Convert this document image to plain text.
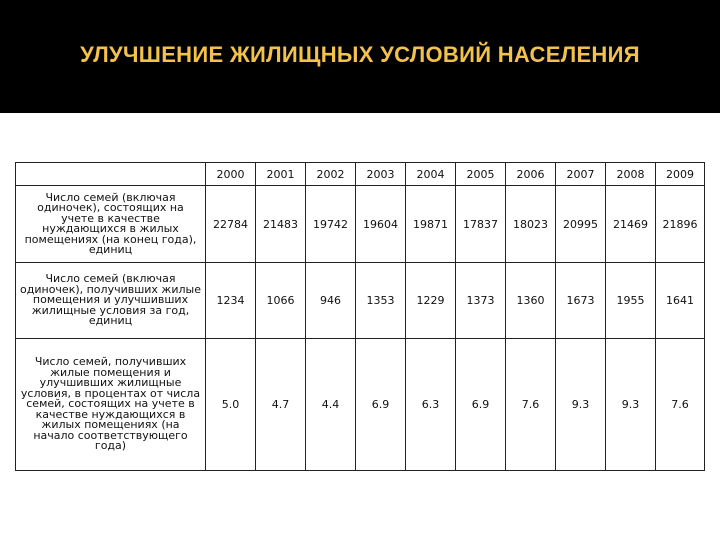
УЛУЧШЕНИЕ ЖИЛИЩНЫХ УСЛОВИЙ НАСЕЛЕНИЯ
	2000	2001	2002	2003	2004	2005	2006	2007	2008	2009
Число семей (включая одиночек), состоящих на учете в качестве нуждающихся в жилых помещениях (на конец года), единиц	22784	21483	19742	19604	19871	17837	18023	20995	21469	21896
Число семей (включая одиночек), получивших жилые помещения и улучшивших жилищные условия за год, единиц	1234	1066	946	1353	1229	1373	1360	1673	1955	1641
Число семей, получивших жилые помещения и улучшивших жилищные условия, в процентах от числа семей, состоящих на учете в качестве нуждающихся в жилых помещениях (на начало соответствующего года)	5.0	4.7	4.4	6.9	6.3	6.9	7.6	9.3	9.3	7.6
